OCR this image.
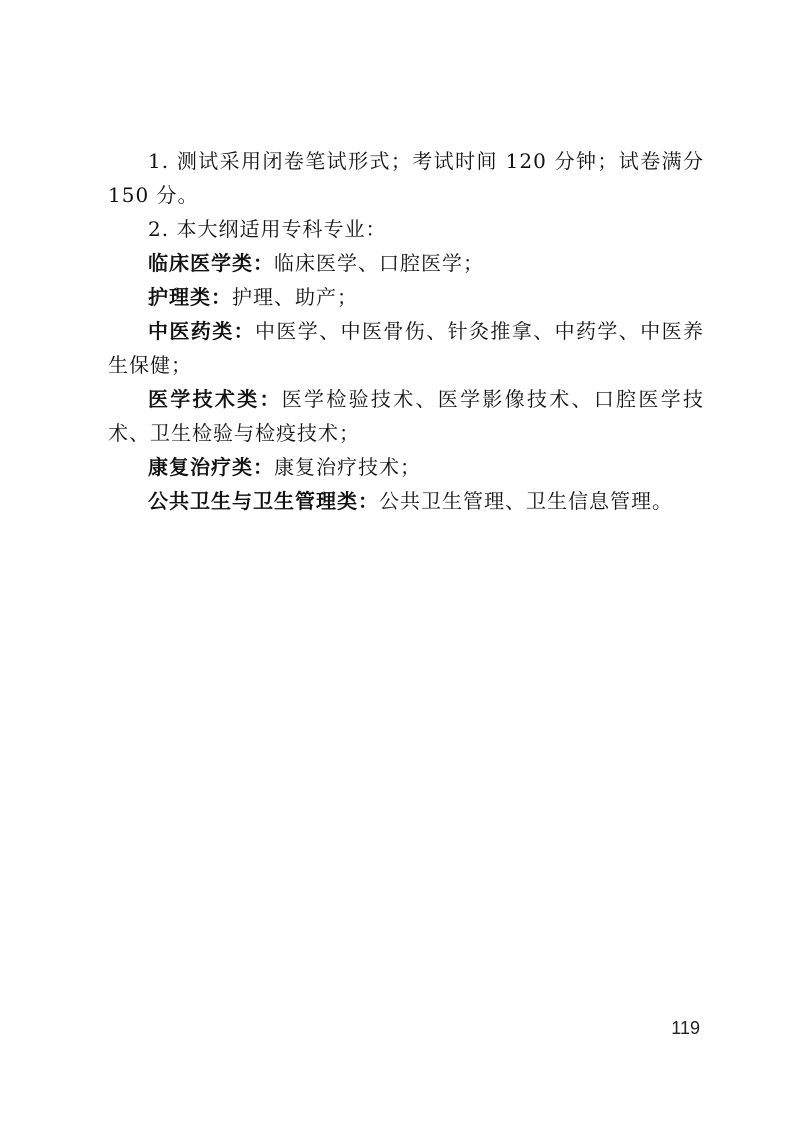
1. 测试采用闭卷笔试形式；考试时间 120 分钟；试卷满分 150 分。

2. 本大纲适用专科专业：

临床医学类：临床医学、口腔医学；

护理类：护理、助产；

中医药类：中医学、中医骨伤、针灸推拿、中药学、中医养生保健；

医学技术类：医学检验技术、医学影像技术、口腔医学技术、卫生检验与检疫技术；

康复治疗类：康复治疗技术；

公共卫生与卫生管理类：公共卫生管理、卫生信息管理。

119
